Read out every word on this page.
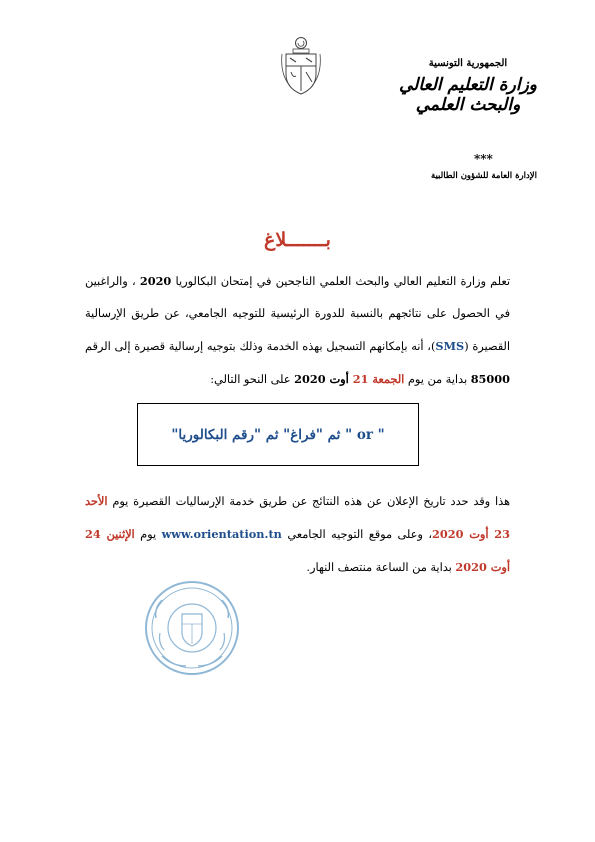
الجمهورية التونسية
وزارة التعليم العالي
والبحث العلمي
***
الإدارة العامة للشؤون الطالبية
بـــــــلاغ
تعلم وزارة التعليم العالي والبحث العلمي الناجحين في إمتحان البكالوريا 2020 ، والراغبين في الحصول على نتائجهم بالنسبة للدورة الرئيسية للتوجيه الجامعي، عن طريق الإرسالية القصيرة (SMS)، أنه بإمكانهم التسجيل بهذه الخدمة وذلك بتوجيه إرسالية قصيرة إلى الرقم 85000 بداية من يوم الجمعة 21 أوت 2020 على النحو التالي:
" or " ثم "فراغ" ثم "رقم البكالوريا"
هذا وقد حدد تاريخ الإعلان عن هذه النتائج عن طريق خدمة الإرساليات القصيرة يوم الأحد 23 أوت 2020، وعلى موقع التوجيه الجامعي www.orientation.tn يوم الإثنين 24 أوت 2020 بداية من الساعة منتصف النهار.
